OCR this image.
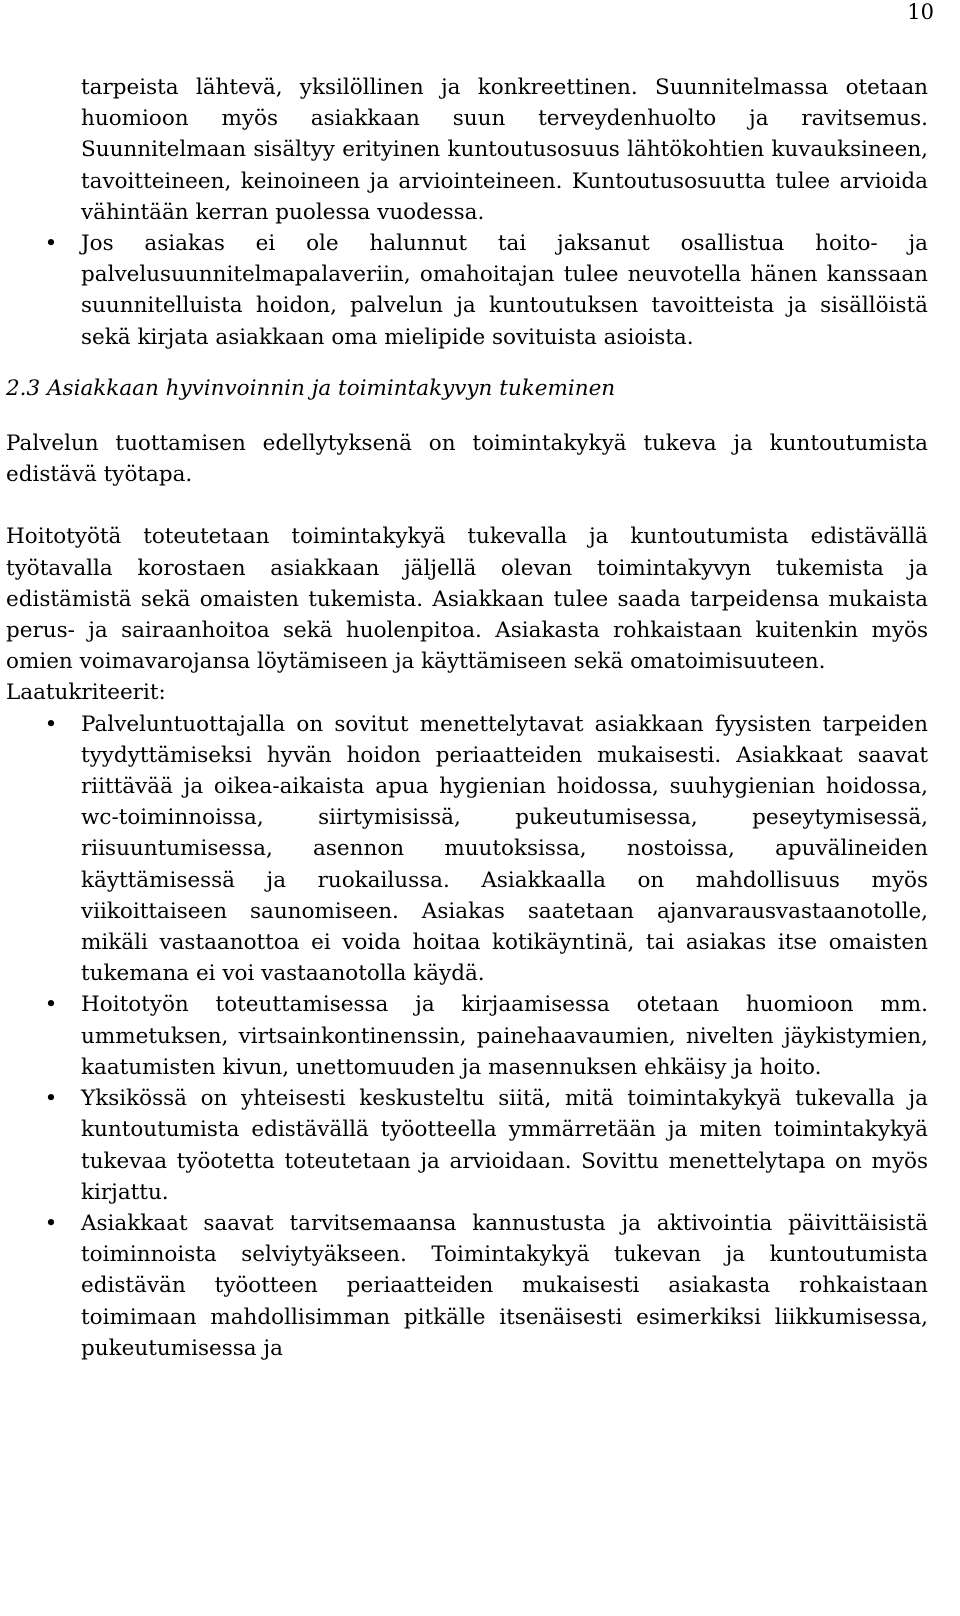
10

tarpeista lähtevä, yksilöllinen ja konkreettinen. Suunnitelmassa otetaan huomioon myös asiakkaan suun terveydenhuolto ja ravitsemus. Suunnitelmaan sisältyy erityinen kuntoutusosuus lähtökohtien kuvauksineen, tavoitteineen, keinoineen ja arviointeineen. Kuntoutusosuutta tulee arvioida vähintään kerran puolessa vuodessa.

• Jos asiakas ei ole halunnut tai jaksanut osallistua hoito- ja palvelusuunnitelmapalaveriin, omahoitajan tulee neuvotella hänen kanssaan suunnitelluista hoidon, palvelun ja kuntoutuksen tavoitteista ja sisällöistä sekä kirjata asiakkaan oma mielipide sovituista asioista.
2.3 Asiakkaan hyvinvoinnin ja toimintakyvyn tukeminen

Palvelun tuottamisen edellytyksenä on toimintakykyä tukeva ja kuntoutumista edistävä työtapa.

Hoitotyötä toteutetaan toimintakykyä tukevalla ja kuntoutumista edistävällä työtavalla korostaen asiakkaan jäljellä olevan toimintakyvyn tukemista ja edistämistä sekä omaisten tukemista. Asiakkaan tulee saada tarpeidensa mukaista perus- ja sairaanhoitoa sekä huolenpitoa. Asiakasta rohkaistaan kuitenkin myös omien voimavarojansa löytämiseen ja käyttämiseen sekä omatoimisuuteen.

Laatukriteerit:

• Palveluntuottajalla on sovitut menettelytavat asiakkaan fyysisten tarpeiden tyydyttämiseksi hyvän hoidon periaatteiden mukaisesti. Asiakkaat saavat riittävää ja oikea-aikaista apua hygienian hoidossa, suuhygienian hoidossa, wc-toiminnoissa, siirtymisissä, pukeutumisessa, peseytymisessä, riisuuntumisessa, asennon muutoksissa, nostoissa, apuvälineiden käyttämisessä ja ruokailussa. Asiakkaalla on mahdollisuus myös viikoittaiseen saunomiseen. Asiakas saatetaan ajanvarausvastaanotolle, mikäli vastaanottoa ei voida hoitaa kotikäyntinä, tai asiakas itse omaisten tukemana ei voi vastaanotolla käydä.
• Hoitotyön toteuttamisessa ja kirjaamisessa otetaan huomioon mm. ummetuksen, virtsainkontinenssin, painehaavaumien, nivelten jäykistymien, kaatumisten kivun, unettomuuden ja masennuksen ehkäisy ja hoito.
• Yksikössä on yhteisesti keskusteltu siitä, mitä toimintakykyä tukevalla ja kuntoutumista edistävällä työotteella ymmärretään ja miten toimintakykyä tukevaa työotetta toteutetaan ja arvioidaan. Sovittu menettelytapa on myös kirjattu.
• Asiakkaat saavat tarvitsemaansa kannustusta ja aktivointia päivittäisistä toiminnoista selviytyäkseen. Toimintakykyä tukevan ja kuntoutumista edistävän työotteen periaatteiden mukaisesti asiakasta rohkaistaan toimimaan mahdollisimman pitkälle itsenäisesti esimerkiksi liikkumisessa, pukeutumisessa ja
